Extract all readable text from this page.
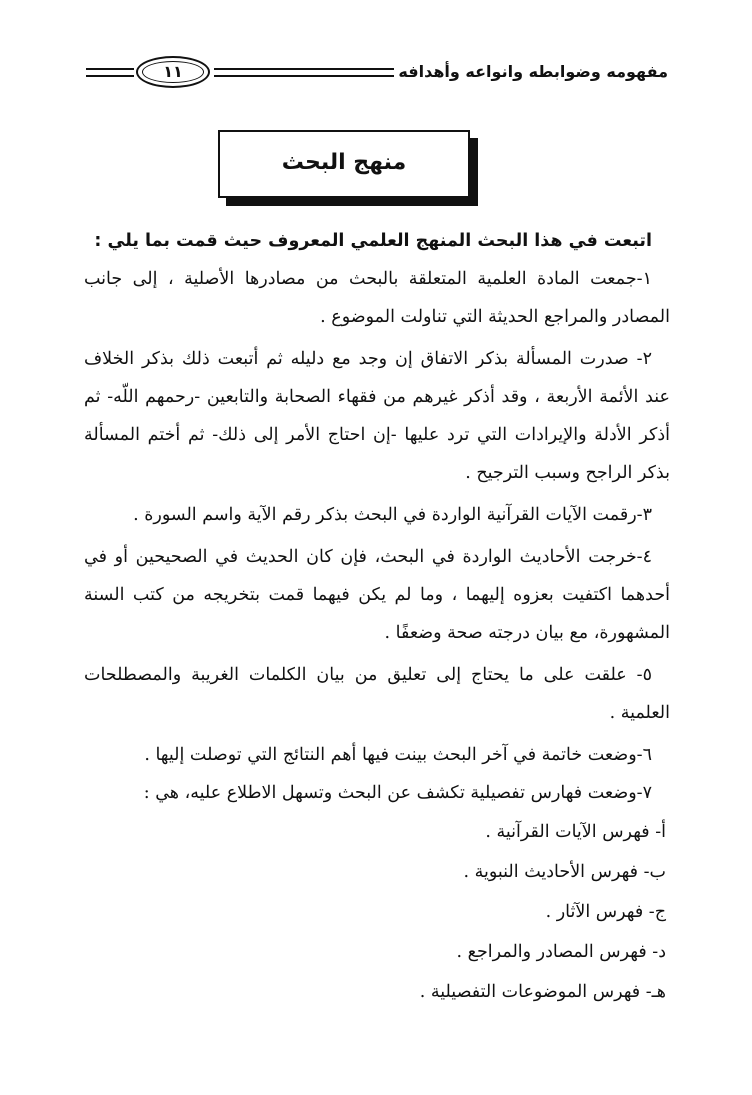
مفهومه وضوابطه وانواعه وأهدافه
١١
منهج البحث

اتبعت في هذا البحث المنهج العلمي المعروف حيث قمت بما يلي :

١-جمعت المادة العلمية المتعلقة بالبحث من مصادرها الأصلية ، إلى جانب المصادر والمراجع الحديثة التي تناولت الموضوع .

٢- صدرت المسألة بذكر الاتفاق إن وجد مع دليله ثم أتبعت ذلك بذكر الخلاف عند الأئمة الأربعة ، وقد أذكر غيرهم من فقهاء الصحابة والتابعين -رحمهم اللّه- ثم أذكر الأدلة والإيرادات التي ترد عليها -إن احتاج الأمر إلى ذلك- ثم أختم المسألة بذكر الراجح وسبب الترجيح .

٣-رقمت الآيات القرآنية الواردة في البحث بذكر رقم الآية واسم السورة .

٤-خرجت الأحاديث الواردة في البحث، فإن كان الحديث في الصحيحين أو في أحدهما اكتفيت بعزوه إليهما ، وما لم يكن فيهما قمت بتخريجه من كتب السنة المشهورة، مع بيان درجته صحة وضعفًا .

٥- علقت على ما يحتاج إلى تعليق من بيان الكلمات الغريبة والمصطلحات العلمية .

٦-وضعت خاتمة في آخر البحث بينت فيها أهم النتائج التي توصلت إليها .

٧-وضعت فهارس تفصيلية تكشف عن البحث وتسهل الاطلاع عليه، هي :

أ- فهرس الآيات القرآنية .

ب- فهرس الأحاديث النبوية .

ج- فهرس الآثار .

د- فهرس المصادر والمراجع .

هـ- فهرس الموضوعات التفصيلية .
